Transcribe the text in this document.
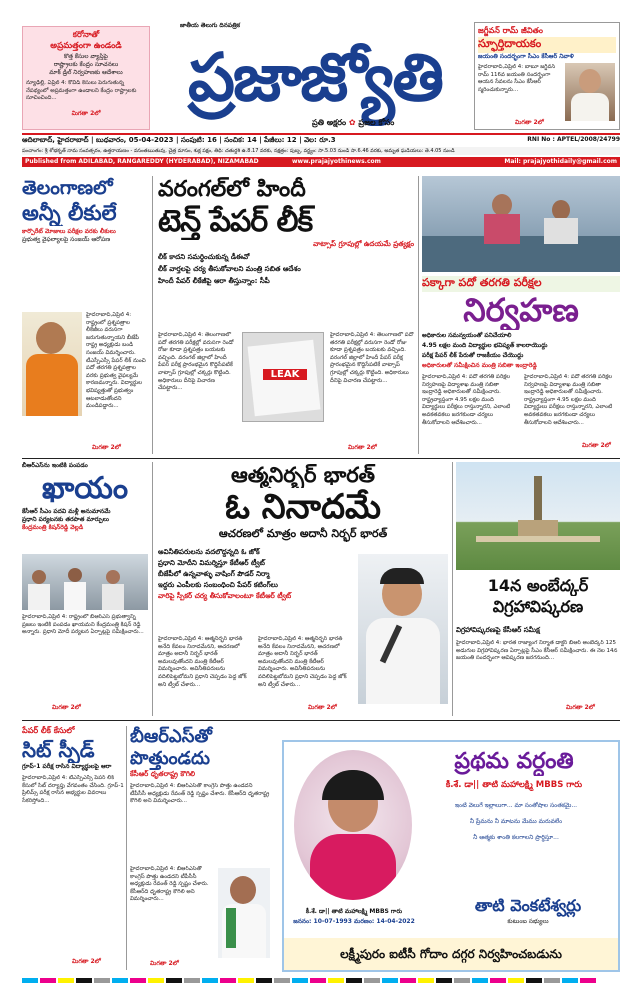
కరోనాతో
అప్రమత్తంగా ఉండండి
కొత్త కేసుల వ్యాప్తిపై
రాష్ట్రాలకు కేంద్రం సూచనలు
మాక్ డ్రిల్ నిర్వహణకు ఆదేశాలు
న్యూఢిల్లీ, ఏప్రిల్ 4: కోవిడ్ కేసులు పెరుగుతున్న నేపథ్యంలో అప్రమత్తంగా ఉండాలని కేంద్రం రాష్ట్రాలకు సూచించింది...
మిగతా 2లో
జాతీయ తెలుగు దినపత్రిక
ప్రజాజ్యోతి
ప్రతి అక్షరం ✿ ప్రజల కోసం
జగ్జీవన్ రామ్ జీవితం
స్ఫూర్తిదాయకం
జయంతి సందర్భంగా సీఎం కేసీఆర్ నివాళి
హైదరాబాద్,ఏప్రిల్ 4: బాబూ జగ్జీవన్ రామ్ 116వ జయంతి సందర్భంగా ఆయన సేవలను సీఎం కేసీఆర్ స్మరించుకున్నారు...
మిగతా 2లో
RNI No : APTEL/2008/24799
ఆదిలాబాద్, హైదరాబాద్ | బుధవారం, 05-04-2023 | సంపుటి: 16 | సంచిక: 14 | పేజీలు: 12 | వెల: రూ.3
పంచాంగం: శ్రీ శోభకృత్ నామ సంవత్సరం, ఉత్తరాయణం - వసంతఋతువు, చైత్ర మాసం, శుక్ల పక్షం, తిథి: చతుర్దశి ఉ.8.17 వరకు, నక్షత్రం: పుబ్బ, వర్జ్యం: సా.5.03 నుండి సా.6.46 వరకు, అమృత ఘడియలు: తె.4.05 నుండి
Published from ADILABAD, RANGAREDDY (HYDERABAD), NIZAMABAD	www.prajajyothinews.com	Mail: prajajyothidaily@gmail.com
తెలంగాణలో
అన్నీ లీకులే
కార్పొరేట్ మోజులు పరీక్షల వరకు లీకులు
ప్రభుత్వ వైఫల్యాలపై సంజయ్ ఆరోపణ
హైదరాబాద్,ఏప్రిల్ 4: రాష్ట్రంలో ప్రశ్నపత్రాల లీకేజీలు వరుసగా జరుగుతున్నాయని బీజేపీ రాష్ట్ర అధ్యక్షుడు బండి సంజయ్ విమర్శించారు. టీఎస్పీఎస్సీ పేపర్ లీక్ నుంచి పదో తరగతి ప్రశ్నపత్రాల వరకు ప్రభుత్వ వైఫల్యమే కారణమన్నారు. విద్యార్థుల భవిష్యత్తుతో ప్రభుత్వం ఆటలాడుతోందని మండిపడ్డారు...
మిగతా 2లో
వరంగల్‌లో హిందీ
టెన్త్ పేపర్ లీక్
వాట్సాప్ గ్రూపుల్లో ఉదయమే ప్రత్యక్షం
లీక్ కాదని సమర్థించుకున్న డీఈవో
లీక్ వార్తలపై చర్య తీసుకోవాలని మంత్రి సబిత ఆదేశం
హిందీ పేపర్ లీకేజీపై ఆరా తీస్తున్నాం: సీపీ
హైదరాబాద్,ఏప్రిల్ 4: తెలంగాణలో పదో తరగతి పరీక్షల్లో వరుసగా రెండో రోజు కూడా ప్రశ్నపత్రం బయటకు వచ్చింది. వరంగల్ జిల్లాలో హిందీ పేపర్ పరీక్ష ప్రారంభమైన కొద్దిసేపటికే వాట్సాప్ గ్రూపుల్లో చక్కర్లు కొట్టింది. అధికారులు దీనిపై విచారణ చేపట్టారు...
LEAK
హైదరాబాద్,ఏప్రిల్ 4: తెలంగాణలో పదో తరగతి పరీక్షల్లో వరుసగా రెండో రోజు కూడా ప్రశ్నపత్రం బయటకు వచ్చింది. వరంగల్ జిల్లాలో హిందీ పేపర్ పరీక్ష ప్రారంభమైన కొద్దిసేపటికే వాట్సాప్ గ్రూపుల్లో చక్కర్లు కొట్టింది. అధికారులు దీనిపై విచారణ చేపట్టారు...
మిగతా 2లో
పక్కాగా పదో తరగతి పరీక్షల
నిర్వహణ
అధికారుల సమన్వయంతో పనిచేయాలి
4.95 లక్షల మంది విద్యార్థుల భవిష్యత్ కాలరాయొద్దు
పరీక్ష పేపర్ లీక్ పేరుతో రాజకీయం చేయొద్దు
అధికారులతో సమీక్షించిన మంత్రి సబితా ఇంద్రారెడ్డి
హైదరాబాద్,ఏప్రిల్ 4: పదో తరగతి పరీక్షల నిర్వహణపై విద్యాశాఖ మంత్రి సబితా ఇంద్రారెడ్డి అధికారులతో సమీక్షించారు. రాష్ట్రవ్యాప్తంగా 4.95 లక్షల మంది విద్యార్థులు పరీక్షలు రాస్తున్నారని, ఎలాంటి అవకతవకలు జరగకుండా చర్యలు తీసుకోవాలని ఆదేశించారు...
హైదరాబాద్,ఏప్రిల్ 4: పదో తరగతి పరీక్షల నిర్వహణపై విద్యాశాఖ మంత్రి సబితా ఇంద్రారెడ్డి అధికారులతో సమీక్షించారు. రాష్ట్రవ్యాప్తంగా 4.95 లక్షల మంది విద్యార్థులు పరీక్షలు రాస్తున్నారని, ఎలాంటి అవకతవకలు జరగకుండా చర్యలు తీసుకోవాలని ఆదేశించారు...
మిగతా 2లో
బీఆర్‌ఎస్‌ను ఇంటికి పంపడం
ఖాయం
కేసీఆర్ సీఎం పదవి మళ్లీ అనుమానమే
ప్రధాని పర్యటనకు తరపాత మార్పులు
కేంద్రమంత్రి కిషన్‌రెడ్డి వెల్లడి
హైదరాబాద్,ఏప్రిల్ 4: రాష్ట్రంలో బీఆర్ఎస్ ప్రభుత్వాన్ని ప్రజలు ఇంటికి పంపడం ఖాయమని కేంద్రమంత్రి కిషన్ రెడ్డి అన్నారు. ప్రధాని మోదీ పర్యటన ఏర్పాట్లపై సమీక్షించారు...
మిగతా 2లో
ఆత్మనిర్భర్ భారత్
ఓ నినాదమే
ఆచరణలో మాత్రం అదానీ నిర్భర్ భారత్
అవినీతిపరులను వదలొద్దన్నది ఓ జోక్
ప్రధాని మోదీని విమర్శిస్తూ కేటీఆర్ ట్వీట్
బీజేపీలో ఉన్నవాళ్ళు వాషింగ్ పౌడర్ నిర్మా
ఇద్దరు ఎంపీలకు సంబంధించి పేపర్ కటింగ్‌లు
వారిపై స్పీకర్ చర్య తీసుకోవాలంటూ కేటీఆర్ ట్వీట్
హైదరాబాద్,ఏప్రిల్ 4: ఆత్మనిర్భర్ భారత్ అనేది కేవలం నినాదమేనని, ఆచరణలో మాత్రం అదానీ నిర్భర్ భారత్ అమలవుతోందని మంత్రి కేటీఆర్ విమర్శించారు. అవినీతిపరులను వదిలిపెట్టబోమని ప్రధాని చెప్పడం పెద్ద జోక్ అని ట్వీట్ చేశారు...
హైదరాబాద్,ఏప్రిల్ 4: ఆత్మనిర్భర్ భారత్ అనేది కేవలం నినాదమేనని, ఆచరణలో మాత్రం అదానీ నిర్భర్ భారత్ అమలవుతోందని మంత్రి కేటీఆర్ విమర్శించారు. అవినీతిపరులను వదిలిపెట్టబోమని ప్రధాని చెప్పడం పెద్ద జోక్ అని ట్వీట్ చేశారు...
మిగతా 2లో
14న అంబేద్కర్
విగ్రహావిష్కరణ
విగ్రహావిష్కరణపై కేసీఆర్ సమీక్ష
హైదరాబాద్,ఏప్రిల్ 4: భారత రాజ్యాంగ నిర్మాత డాక్టర్ బీఆర్ అంబేద్కర్ 125 అడుగుల విగ్రహావిష్కరణ ఏర్పాట్లపై సీఎం కేసీఆర్ సమీక్షించారు. ఈ నెల 14న జయంతి సందర్భంగా ఆవిష్కరణ జరగనుంది...
మిగతా 2లో
పేపర్ లీక్ కేసులో
సిట్ స్పీడ్
గ్రూప్-1 పరీక్ష రాసిన విద్యార్థులపై ఆరా
హైదరాబాద్,ఏప్రిల్ 4: టీఎస్పీఎస్సీ పేపర్ లీక్ కేసులో సిట్ దర్యాప్తు వేగవంతం చేసింది. గ్రూప్-1 ప్రిలిమ్స్ పరీక్ష రాసిన అభ్యర్థుల వివరాలు సేకరిస్తోంది...
మిగతా 2లో
బీఆర్‌ఎస్‌తో
పొత్తుండదు
కేసీఆర్ ధృతరాష్ట్ర కౌగిలి
హైదరాబాద్,ఏప్రిల్ 4: బీఆర్ఎస్‌తో కాంగ్రెస్ పొత్తు ఉండదని టీపీసీసీ అధ్యక్షుడు రేవంత్ రెడ్డి స్పష్టం చేశారు. కేసీఆర్‌ది ధృతరాష్ట్ర కౌగిలి అని విమర్శించారు...
హైదరాబాద్,ఏప్రిల్ 4: బీఆర్ఎస్‌తో కాంగ్రెస్ పొత్తు ఉండదని టీపీసీసీ అధ్యక్షుడు రేవంత్ రెడ్డి స్పష్టం చేశారు. కేసీఆర్‌ది ధృతరాష్ట్ర కౌగిలి అని విమర్శించారు...
మిగతా 2లో
ప్రథమ వర్ధంతి
కీ.శే. డా|| తాటి మహాలక్ష్మి MBBS గారు
ఇంటి వెలుగే ఇల్లాలుగా... మా సంతోషాల సంతకమై...
నీ ప్రేమను నీ మాటను మేము మరువలేం
నీ ఆత్మకు శాంతి కలగాలని ప్రార్థిస్తూ...
కీ.శే. డా|| తాటి మహాలక్ష్మి MBBS గారు
జననం: 10-07-1993 మరణం: 14-04-2022
తాటి వెంకటేశ్వర్లు
కుటుంబ సభ్యులు
లక్ష్మీపురం ఐటీసీ గోదాం దగ్గర నిర్వహించబడును
